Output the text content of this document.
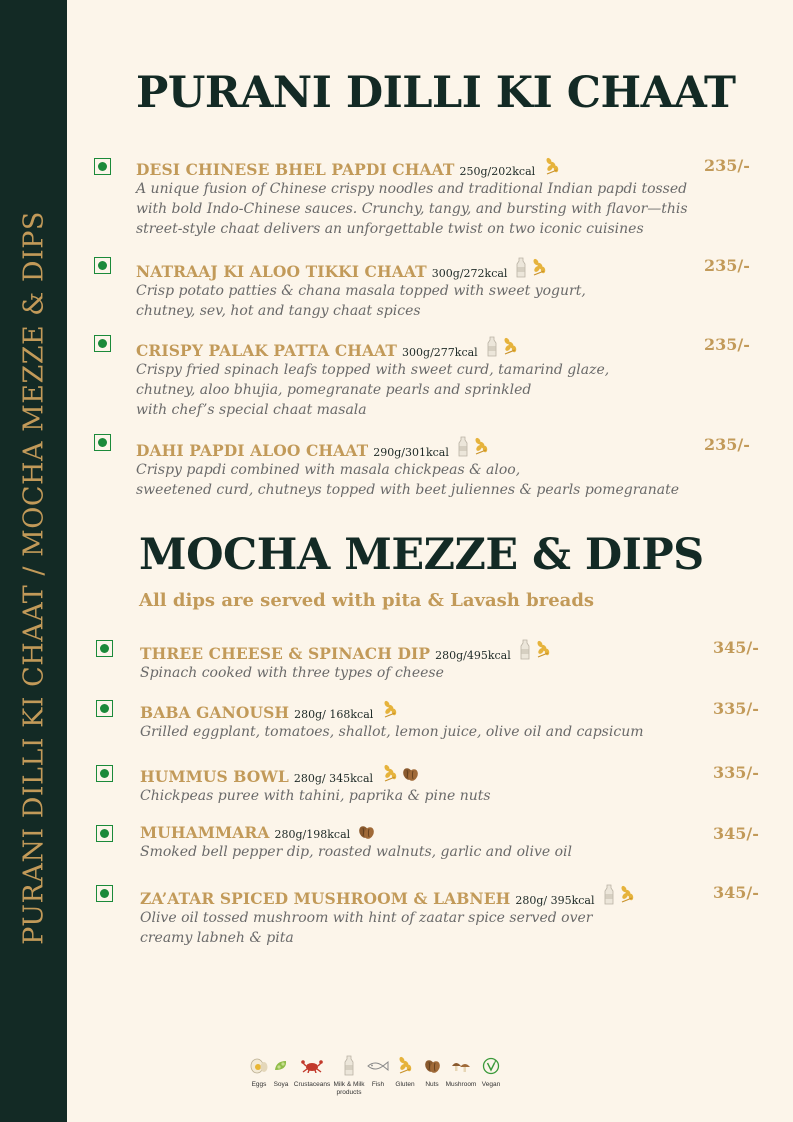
PURANI DILLI KI CHAAT / MOCHA MEZZE & DIPS
PURANI DILLI KI CHAAT
DESI CHINESE BHEL PAPDI CHAAT 250g/202kcal
A unique fusion of Chinese crispy noodles and traditional Indian papdi tossed
with bold Indo-Chinese sauces. Crunchy, tangy, and bursting with flavor—this
street-style chaat delivers an unforgettable twist on two iconic cuisines
235/-
NATRAAJ KI ALOO TIKKI CHAAT 300g/272kcal
Crisp potato patties & chana masala topped with sweet yogurt,
chutney, sev, hot and tangy chaat spices
235/-
CRISPY PALAK PATTA CHAAT 300g/277kcal
Crispy fried spinach leafs topped with sweet curd, tamarind glaze,
chutney, aloo bhujia, pomegranate pearls and sprinkled
with chef’s special chaat masala
235/-
DAHI PAPDI ALOO CHAAT 290g/301kcal
Crispy papdi combined with masala chickpeas & aloo,
sweetened curd, chutneys topped with beet juliennes & pearls pomegranate
235/-
MOCHA MEZZE & DIPS
All dips are served with pita & Lavash breads
THREE CHEESE & SPINACH DIP 280g/495kcal
Spinach cooked with three types of cheese
345/-
BABA GANOUSH 280g/ 168kcal
Grilled eggplant, tomatoes, shallot, lemon juice, olive oil and capsicum
335/-
HUMMUS BOWL 280g/ 345kcal
Chickpeas puree with tahini, paprika & pine nuts
335/-
MUHAMMARA 280g/198kcal
Smoked bell pepper dip, roasted walnuts, garlic and olive oil
345/-
ZA’ATAR SPICED MUSHROOM & LABNEH 280g/ 395kcal
Olive oil tossed mushroom with hint of zaatar spice served over
creamy labneh & pita
345/-
Eggs Soya Crustaceans Milk & Milk products
Fish Gluten Nuts Mushroom Vegan
